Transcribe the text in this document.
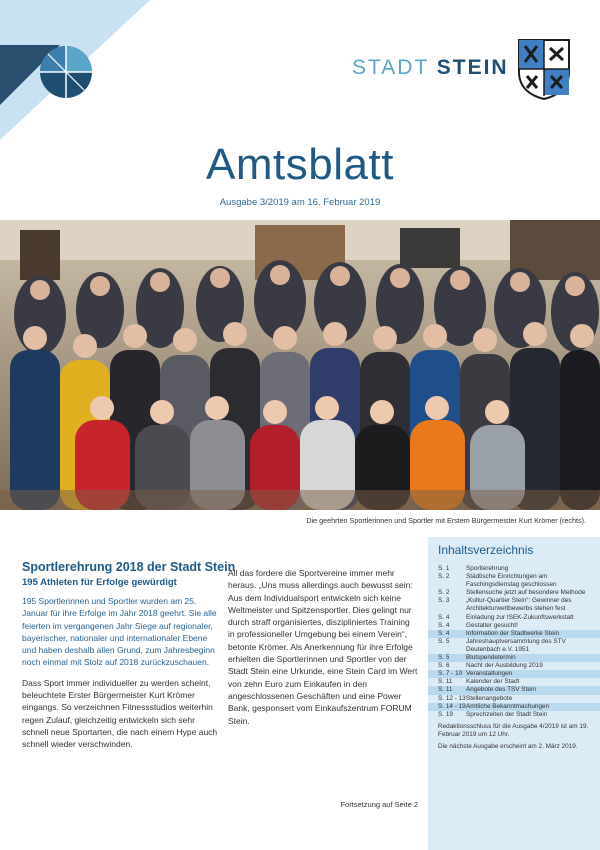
STADT STEIN
Amtsblatt
Ausgabe 3/2019 am 16. Februar 2019
Die geehrten Sportlerinnen und Sportler mit Erstem Bürgermeister Kurt Krömer (rechts).
Sportlerehrung 2018 der Stadt Stein
195 Athleten für Erfolge gewürdigt

195 Sportlerinnen und Sportler wurden am 25. Januar für ihre Erfolge im Jahr 2018 geehrt. Sie alle feierten im vergangenen Jahr Siege auf regionaler, bayerischer, nationaler und internationaler Ebene und haben deshalb allen Grund, zum Jahresbeginn noch einmal mit Stolz auf 2018 zurückzuschauen.

Dass Sport immer individueller zu werden scheint, beleuchtete Erster Bürgermeister Kurt Krömer eingangs. So verzeichnen Fitnessstudios weiterhin regen Zulauf, gleichzeitig entwickeln sich sehr schnell neue Sportarten, die nach einem Hype auch schnell wieder verschwinden.

All das fordere die Sportvereine immer mehr heraus. „Uns muss allerdings auch bewusst sein: Aus dem Individualsport entwickeln sich keine Weltmeister und Spitzensportler. Dies gelingt nur durch straff organisiertes, diszipliniertes Training in professioneller Umgebung bei einem Verein“, betonte Krömer. Als Anerkennung für ihre Erfolge erhielten die Sportlerinnen und Sportler von der Stadt Stein eine Urkunde, eine Stein Card im Wert von zehn Euro zum Einkaufen in den angeschlossenen Geschäften und eine Power Bank, gesponsert vom Einkaufszentrum FORUM Stein.

Fortsetzung auf Seite 2
Inhaltsverzeichnis
S. 1	Sportlerehrung
S. 2	Städtische Einrichtungen am Faschingsdienstag geschlossen
S. 2	Stellensuche jetzt auf besondere Methode
S. 3	„Kultur-Quartier Stein“: Gewinner des Architekturwettbewerbs stehen fest
S. 4	Einladung zur ISEK-Zukunftswerkstatt
S. 4	Gestalter gesucht!
S. 4	Information der Stadtwerke Stein
S. 5	Jahreshauptversammlung des STV Deutenbach e.V. 1951
S. 5	Blutspendetermin
S. 6	Nacht der Ausbildung 2019
S. 7 - 10 Veranstaltungen
S. 11	Kalender der Stadt
S. 11	Angebote des TSV Stein
S. 12 - 13 Stellenangebote
S. 14 - 19 Amtliche Bekanntmachungen
S. 19	Sprechzeiten der Stadt Stein
Redaktionsschluss für die Ausgabe 4/2019 ist am 19. Februar 2019 um 12 Uhr.
Die nächste Ausgabe erscheint am 2. März 2019.
